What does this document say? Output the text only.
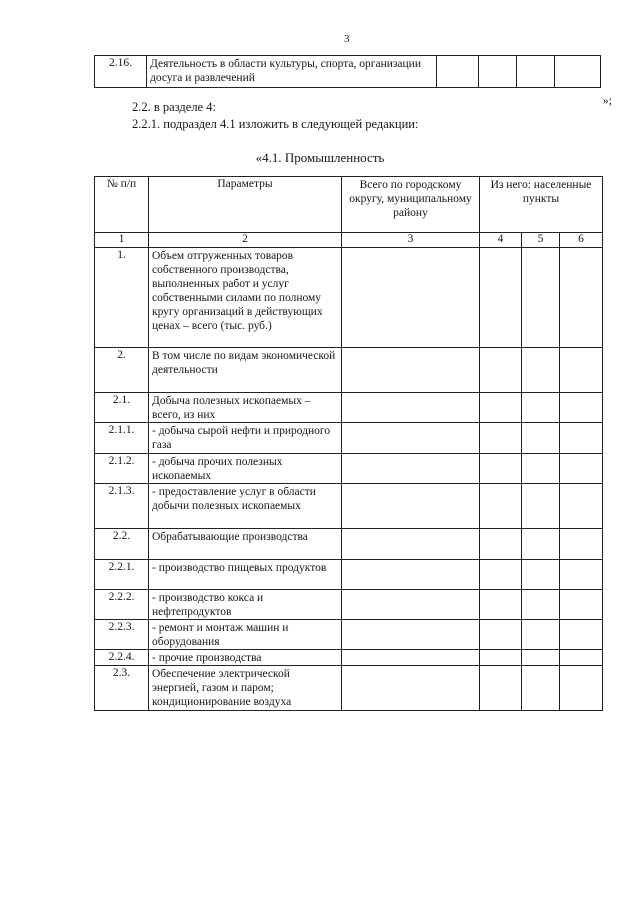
3
2.16.	Деятельность в области культуры, спорта, организации досуга и развлечений				
»;
2.2. в разделе 4:
2.2.1. подраздел 4.1 изложить в следующей редакции:
«4.1. Промышленность
№ п/п	Параметры	Всего по городскому округу, муниципальному району	Из него: населенные пункты		
1	2	3	4	5	6
1.	Объем отгруженных товаров собственного производства, выполненных работ и услуг собственными силами по полному кругу организаций в действующих ценах – всего (тыс. руб.)				
2.	В том числе по видам экономической деятельности				
2.1.	Добыча полезных ископаемых – всего, из них				
2.1.1.	- добыча сырой нефти и природного газа				
2.1.2.	- добыча прочих полезных ископаемых				
2.1.3.	- предоставление услуг в области добычи полезных ископаемых				
2.2.	Обрабатывающие производства				
2.2.1.	- производство пищевых продуктов				
2.2.2.	- производство кокса и нефтепродуктов				
2.2.3.	- ремонт и монтаж машин и оборудования				
2.2.4.	- прочие производства				
2.3.	Обеспечение электрической энергией, газом и паром; кондиционирование воздуха				
